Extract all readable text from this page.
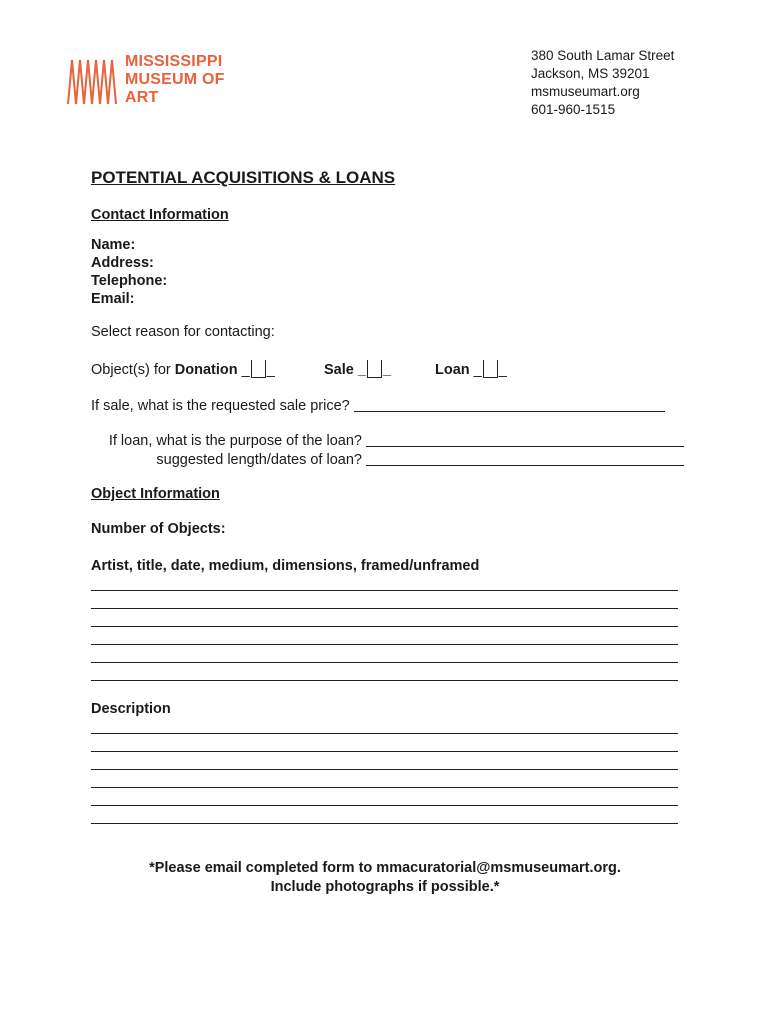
MISSISSIPPI
MUSEUM OF
ART
380 South Lamar Street
Jackson, MS 39201
msmuseumart.org
601-960-1515
POTENTIAL ACQUISITIONS & LOANS
Contact Information
Name:
Address:
Telephone:
Email:
Select reason for contacting:
Object(s) for Donation _ _	Sale _ _	Loan _ _
If sale, what is the requested sale price?
If loan, what is the purpose of the loan?
suggested length/dates of loan?
Object Information
Number of Objects:
Artist, title, date, medium, dimensions, framed/unframed
Description
*Please email completed form to mmacuratorial@msmuseumart.org.
Include photographs if possible.*
